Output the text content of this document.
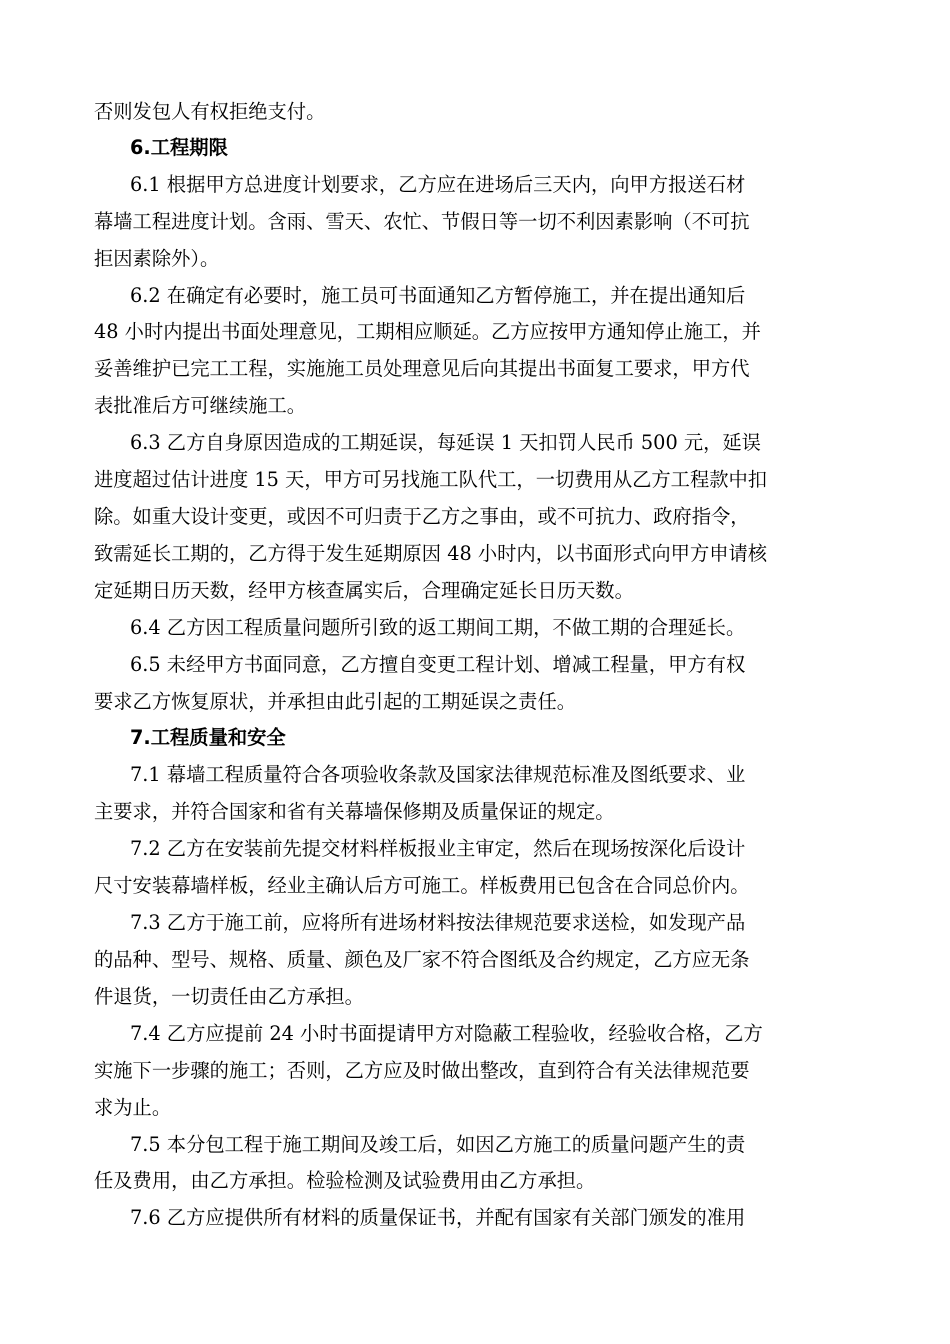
否则发包人有权拒绝支付。
6.工程期限
6.1 根据甲方总进度计划要求，乙方应在进场后三天内，向甲方报送石材
幕墙工程进度计划。含雨、雪天、农忙、节假日等一切不利因素影响（不可抗
拒因素除外）。
6.2 在确定有必要时，施工员可书面通知乙方暂停施工，并在提出通知后
48 小时内提出书面处理意见，工期相应顺延。乙方应按甲方通知停止施工，并
妥善维护已完工工程，实施施工员处理意见后向其提出书面复工要求，甲方代
表批准后方可继续施工。
6.3 乙方自身原因造成的工期延误，每延误 1 天扣罚人民币 500 元，延误
进度超过估计进度 15 天，甲方可另找施工队代工，一切费用从乙方工程款中扣
除。如重大设计变更，或因不可归责于乙方之事由，或不可抗力、政府指令，
致需延长工期的，乙方得于发生延期原因 48 小时内，以书面形式向甲方申请核
定延期日历天数，经甲方核查属实后，合理确定延长日历天数。
6.4 乙方因工程质量问题所引致的返工期间工期，不做工期的合理延长。
6.5 未经甲方书面同意，乙方擅自变更工程计划、增减工程量，甲方有权
要求乙方恢复原状，并承担由此引起的工期延误之责任。
7.工程质量和安全
7.1 幕墙工程质量符合各项验收条款及国家法律规范标准及图纸要求、业
主要求，并符合国家和省有关幕墙保修期及质量保证的规定。
7.2 乙方在安装前先提交材料样板报业主审定，然后在现场按深化后设计
尺寸安装幕墙样板，经业主确认后方可施工。样板费用已包含在合同总价内。
7.3 乙方于施工前，应将所有进场材料按法律规范要求送检，如发现产品
的品种、型号、规格、质量、颜色及厂家不符合图纸及合约规定，乙方应无条
件退货，一切责任由乙方承担。
7.4 乙方应提前 24 小时书面提请甲方对隐蔽工程验收，经验收合格，乙方
实施下一步骤的施工；否则，乙方应及时做出整改，直到符合有关法律规范要
求为止。
7.5 本分包工程于施工期间及竣工后，如因乙方施工的质量问题产生的责
任及费用，由乙方承担。检验检测及试验费用由乙方承担。
7.6 乙方应提供所有材料的质量保证书，并配有国家有关部门颁发的准用
